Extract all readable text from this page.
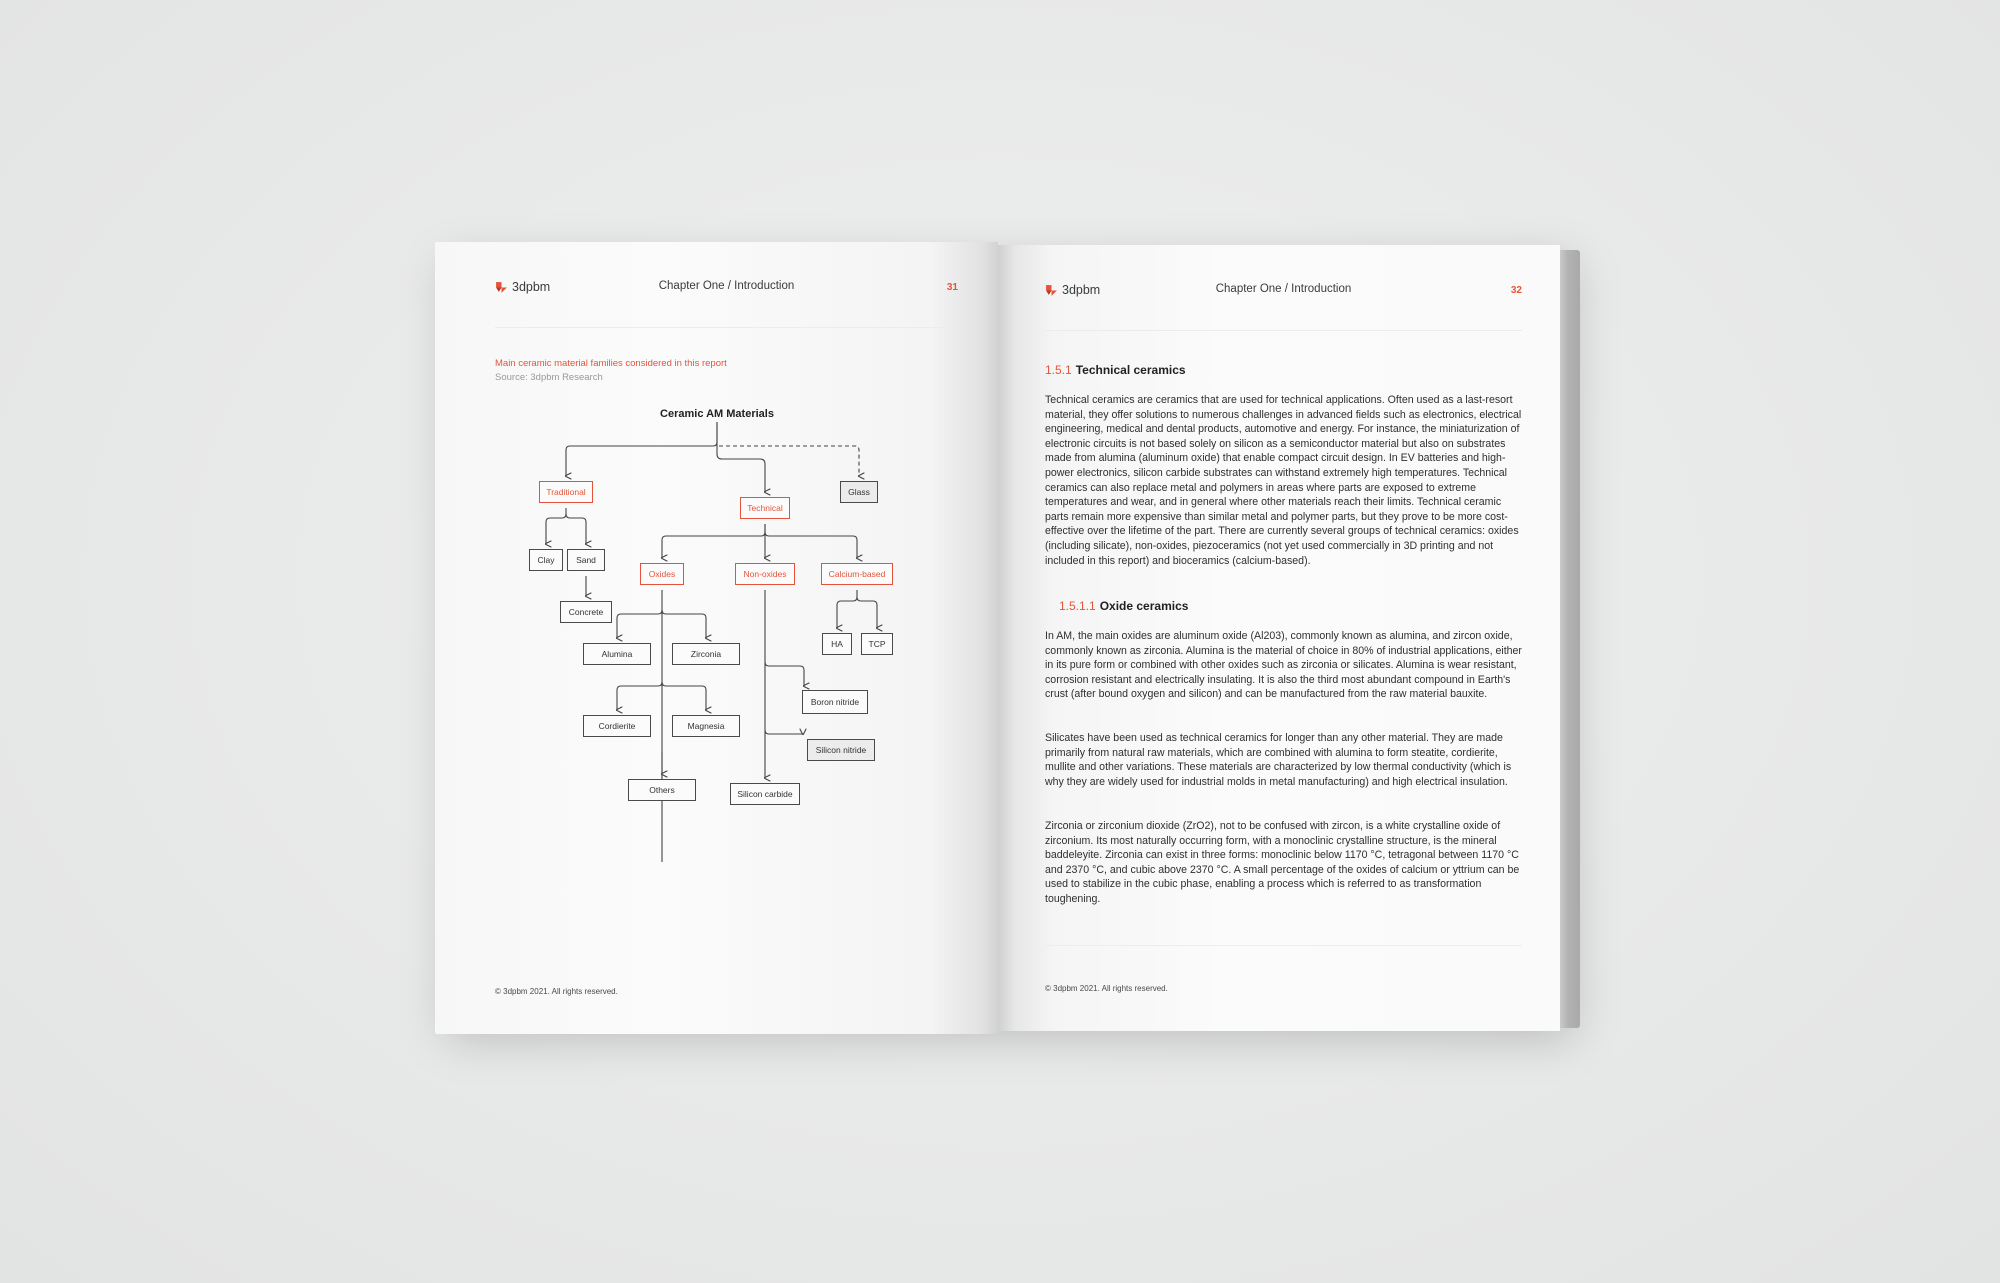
3dpbm	Chapter One / Introduction	31
Main ceramic material families considered in this report
Source: 3dpbm Research
Ceramic AM Materials
Traditional
Technical
Glass
Clay	Sand
Concrete
Oxides	Non-oxides	Calcium-based
Alumina	Zirconia
Cordierite	Magnesia
Others
Boron nitride
Silicon nitride
Silicon carbide
HA	TCP
© 3dpbm 2021. All rights reserved.
3dpbm	Chapter One / Introduction	32
1.5.1 Technical ceramics

Technical ceramics are ceramics that are used for technical applications. Often used as a last-resort material, they offer solutions to numerous challenges in advanced fields such as electronics, electrical engineering, medical and dental products, automotive and energy. For instance, the miniaturization of electronic circuits is not based solely on silicon as a semiconductor material but also on substrates made from alumina (aluminum oxide) that enable compact circuit design. In EV batteries and high-power electronics, silicon carbide substrates can withstand extremely high temperatures. Technical ceramics can also replace metal and polymers in areas where parts are exposed to extreme temperatures and wear, and in general where other materials reach their limits. Technical ceramic parts remain more expensive than similar metal and polymer parts, but they prove to be more cost-effective over the lifetime of the part. There are currently several groups of technical ceramics: oxides (including silicate), non-oxides, piezoceramics (not yet used commercially in 3D printing and not included in this report) and bioceramics (calcium-based).

1.5.1.1 Oxide ceramics

In AM, the main oxides are aluminum oxide (Al203), commonly known as alumina, and zircon oxide, commonly known as zirconia. Alumina is the material of choice in 80% of industrial applications, either in its pure form or combined with other oxides such as zirconia or silicates. Alumina is wear resistant, corrosion resistant and electrically insulating. It is also the third most abundant compound in Earth's crust (after bound oxygen and silicon) and can be manufactured from the raw material bauxite.

Silicates have been used as technical ceramics for longer than any other material. They are made primarily from natural raw materials, which are combined with alumina to form steatite, cordierite, mullite and other variations. These materials are characterized by low thermal conductivity (which is why they are widely used for industrial molds in metal manufacturing) and high electrical insulation.

Zirconia or zirconium dioxide (ZrO2), not to be confused with zircon, is a white crystalline oxide of zirconium. Its most naturally occurring form, with a monoclinic crystalline structure, is the mineral baddeleyite. Zirconia can exist in three forms: monoclinic below 1170 °C, tetragonal between 1170 °C and 2370 °C, and cubic above 2370 °C. A small percentage of the oxides of calcium or yttrium can be used to stabilize in the cubic phase, enabling a process which is referred to as transformation toughening.

© 3dpbm 2021. All rights reserved.
